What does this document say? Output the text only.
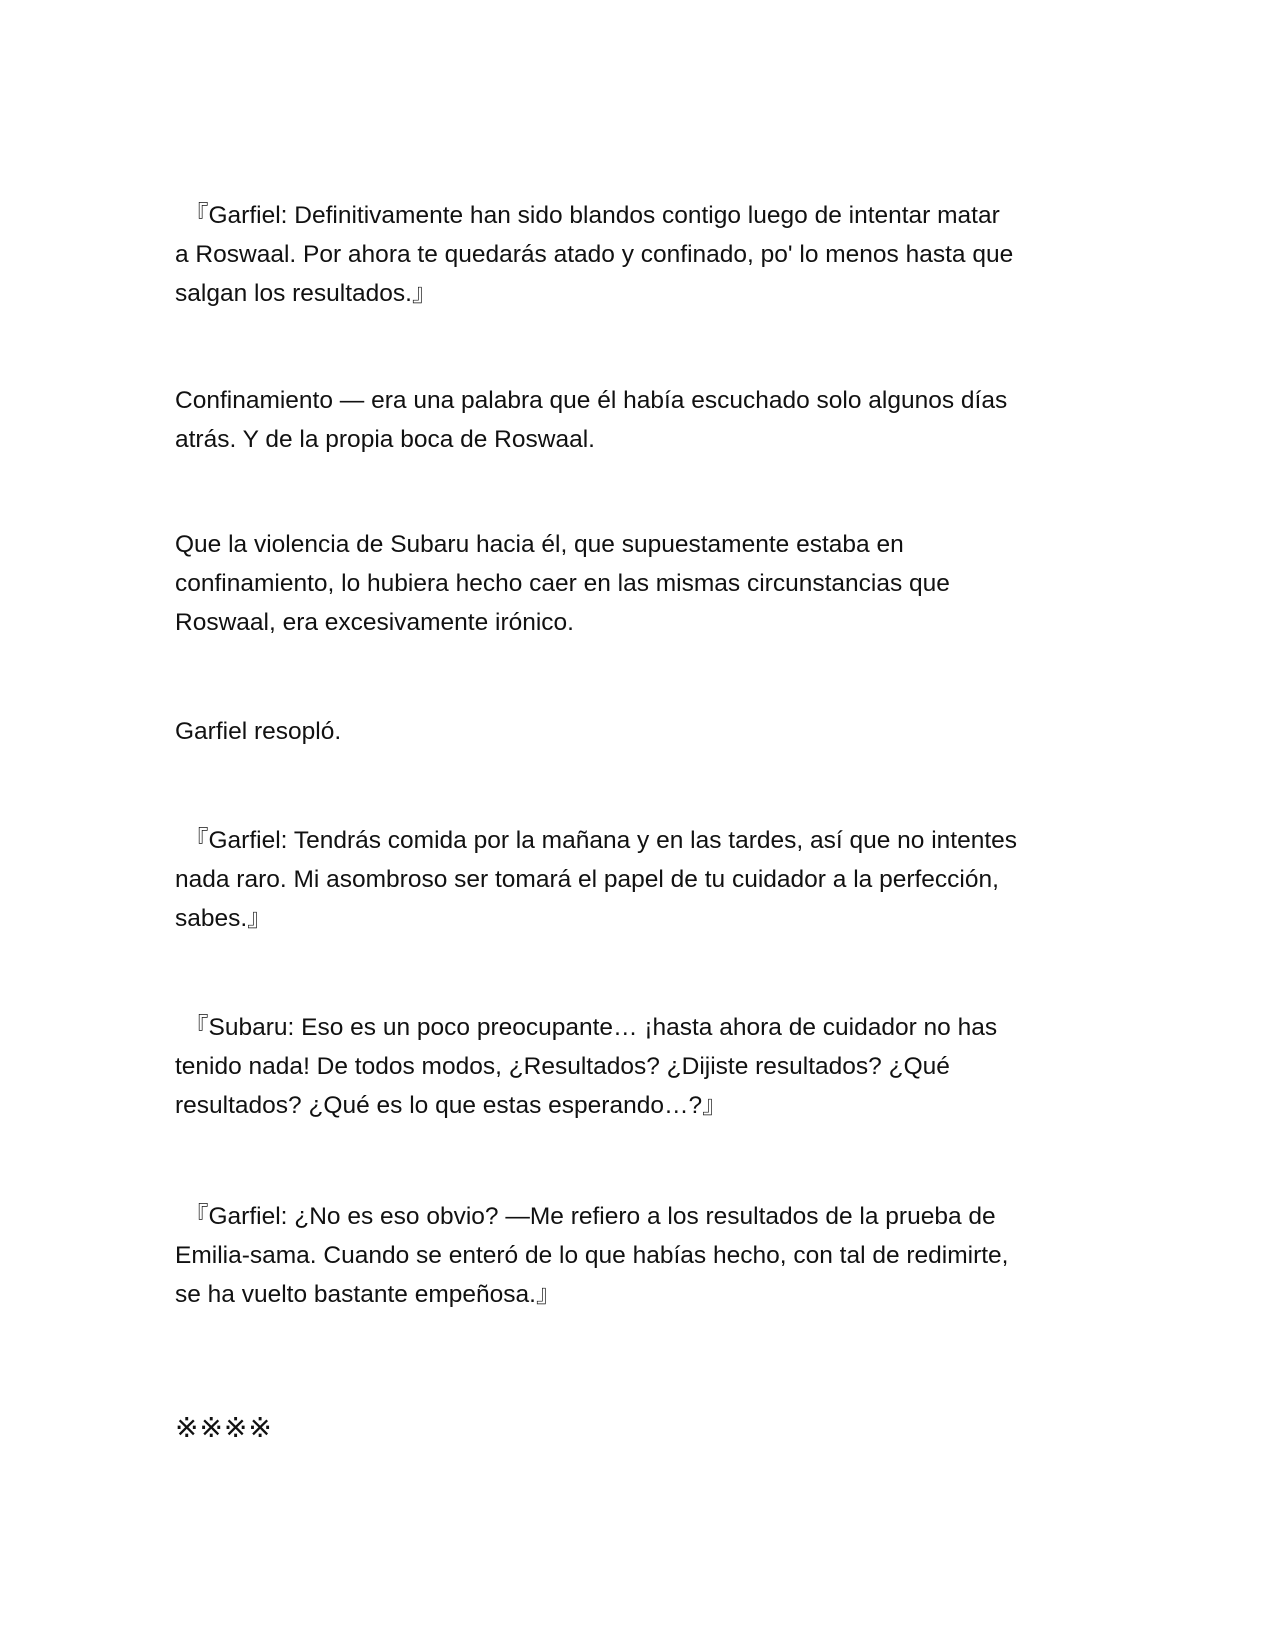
『Garfiel: Definitivamente han sido blandos contigo luego de intentar matar
a Roswaal. Por ahora te quedarás atado y confinado, po' lo menos hasta que
salgan los resultados.』
Confinamiento — era una palabra que él había escuchado solo algunos días
atrás. Y de la propia boca de Roswaal.
Que la violencia de Subaru hacia él, que supuestamente estaba en
confinamiento, lo hubiera hecho caer en las mismas circunstancias que
Roswaal, era excesivamente irónico.
Garfiel resopló.
『Garfiel: Tendrás comida por la mañana y en las tardes, así que no intentes
nada raro. Mi asombroso ser tomará el papel de tu cuidador a la perfección,
sabes.』
『Subaru: Eso es un poco preocupante… ¡hasta ahora de cuidador no has
tenido nada! De todos modos, ¿Resultados? ¿Dijiste resultados? ¿Qué
resultados? ¿Qué es lo que estas esperando…?』
『Garfiel: ¿No es eso obvio? —Me refiero a los resultados de la prueba de
Emilia-sama. Cuando se enteró de lo que habías hecho, con tal de redimirte,
se ha vuelto bastante empeñosa.』
※※※※
